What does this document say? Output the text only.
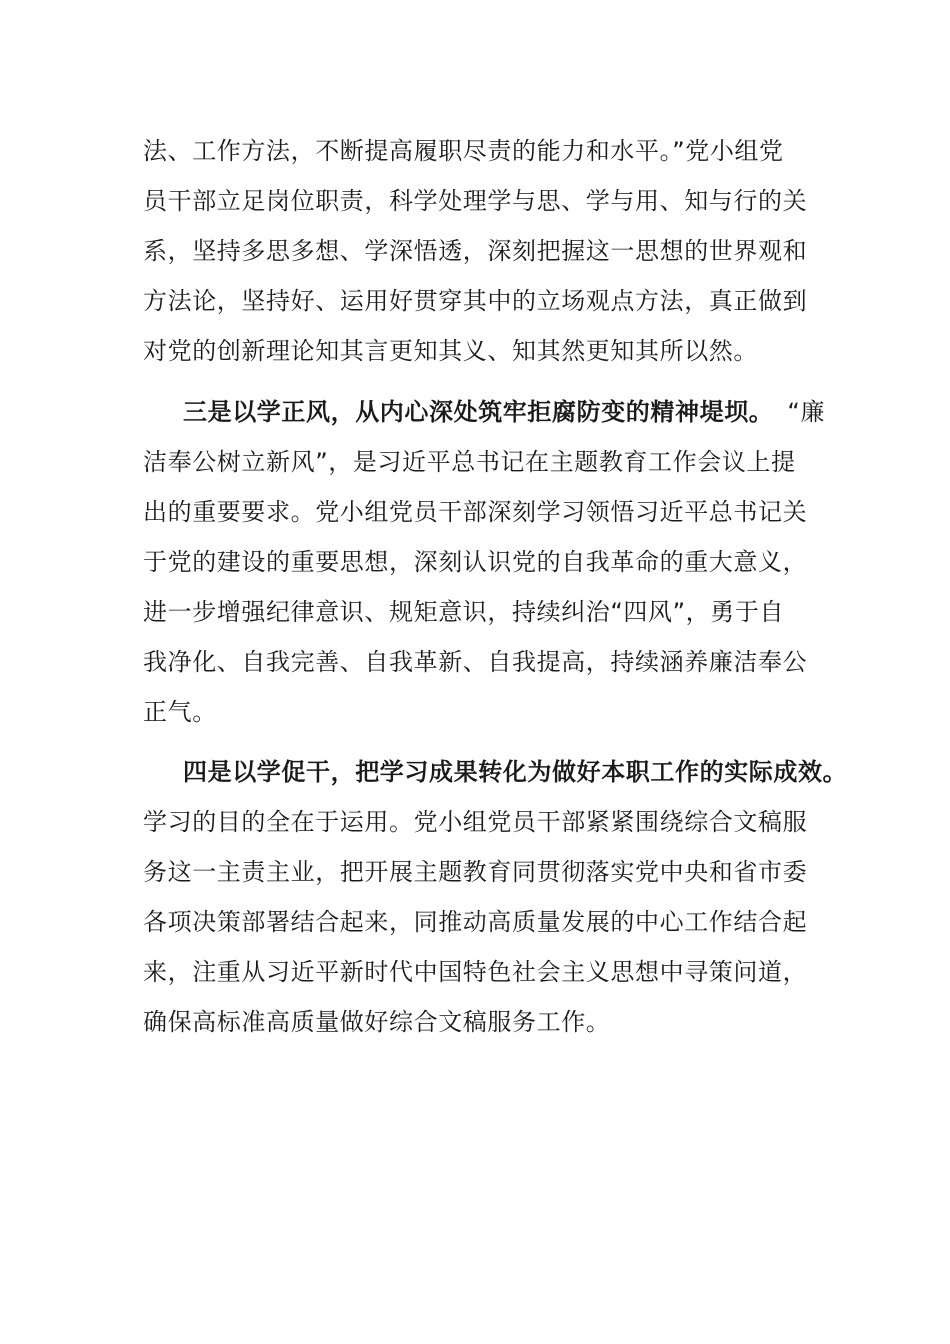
法、工作方法，不断提高履职尽责的能力和水平。”党小组党
员干部立足岗位职责，科学处理学与思、学与用、知与行的关
系，坚持多思多想、学深悟透，深刻把握这一思想的世界观和
方法论，坚持好、运用好贯穿其中的立场观点方法，真正做到
对党的创新理论知其言更知其义、知其然更知其所以然。
三是以学正风，从内心深处筑牢拒腐防变的精神堤坝。 “廉
洁奉公树立新风”，是习近平总书记在主题教育工作会议上提
出的重要要求。党小组党员干部深刻学习领悟习近平总书记关
于党的建设的重要思想，深刻认识党的自我革命的重大意义，
进一步增强纪律意识、规矩意识，持续纠治“四风”，勇于自
我净化、自我完善、自我革新、自我提高，持续涵养廉洁奉公
正气。
四是以学促干，把学习成果转化为做好本职工作的实际成效。
学习的目的全在于运用。党小组党员干部紧紧围绕综合文稿服
务这一主责主业，把开展主题教育同贯彻落实党中央和省市委
各项决策部署结合起来，同推动高质量发展的中心工作结合起
来，注重从习近平新时代中国特色社会主义思想中寻策问道，
确保高标准高质量做好综合文稿服务工作。
